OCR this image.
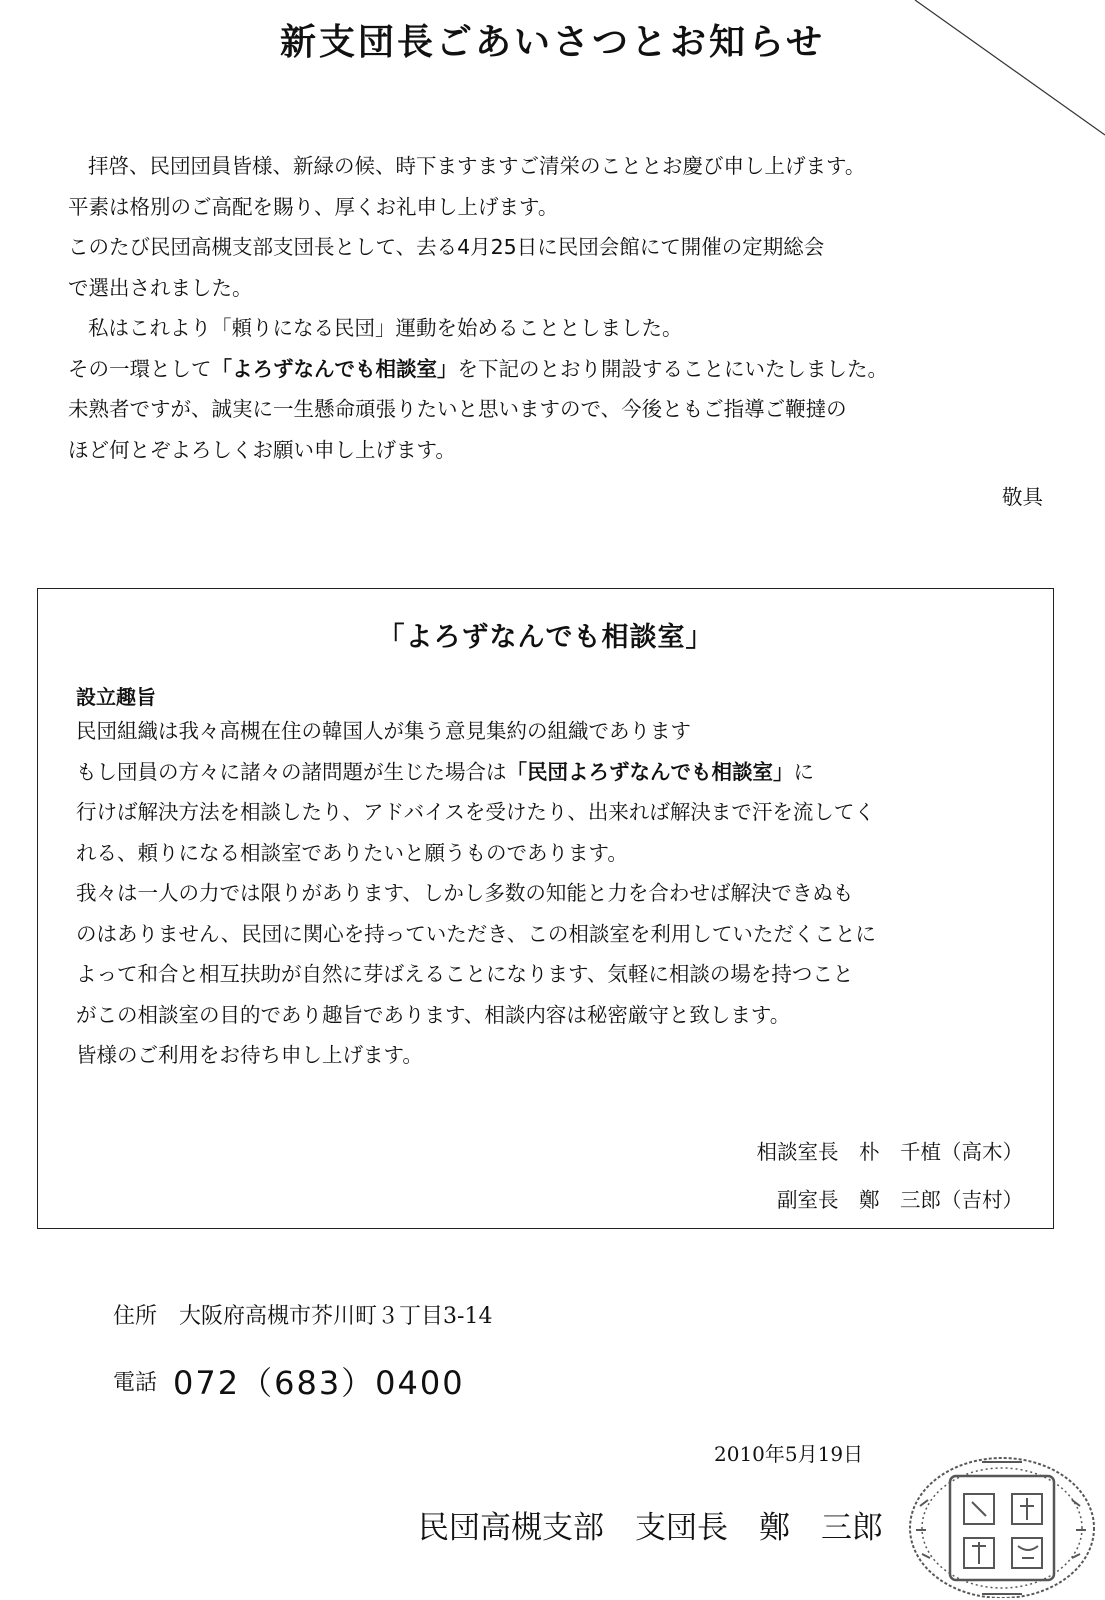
新支団長ごあいさつとお知らせ

拝啓、民団団員皆様、新緑の候、時下ますますご清栄のこととお慶び申し上げます。

平素は格別のご高配を賜り、厚くお礼申し上げます。

このたび民団高槻支部支団長として、去る4月25日に民団会館にて開催の定期総会

で選出されました。

私はこれより「頼りになる民団」運動を始めることとしました。

その一環として「よろずなんでも相談室」を下記のとおり開設することにいたしました。

未熟者ですが、誠実に一生懸命頑張りたいと思いますので、今後ともご指導ご鞭撻の

ほど何とぞよろしくお願い申し上げます。

敬具
「よろずなんでも相談室」
設立趣旨

民団組織は我々高槻在住の韓国人が集う意見集約の組織であります

もし団員の方々に諸々の諸問題が生じた場合は「民団よろずなんでも相談室」に

行けば解決方法を相談したり、アドバイスを受けたり、出来れば解決まで汗を流してく

れる、頼りになる相談室でありたいと願うものであります。

我々は一人の力では限りがあります、しかし多数の知能と力を合わせば解決できぬも

のはありません、民団に関心を持っていただき、この相談室を利用していただくことに

よって和合と相互扶助が自然に芽ばえることになります、気軽に相談の場を持つこと

がこの相談室の目的であり趣旨であります、相談内容は秘密厳守と致します。

皆様のご利用をお待ち申し上げます。

相談室長　朴　千植（高木）
副室長　鄭　三郎（吉村）
住所　 大阪府高槻市芥川町３丁目3-14
電話 072（683）0400
2010年5月19日
民団高槻支部　支団長　鄭　三郎
